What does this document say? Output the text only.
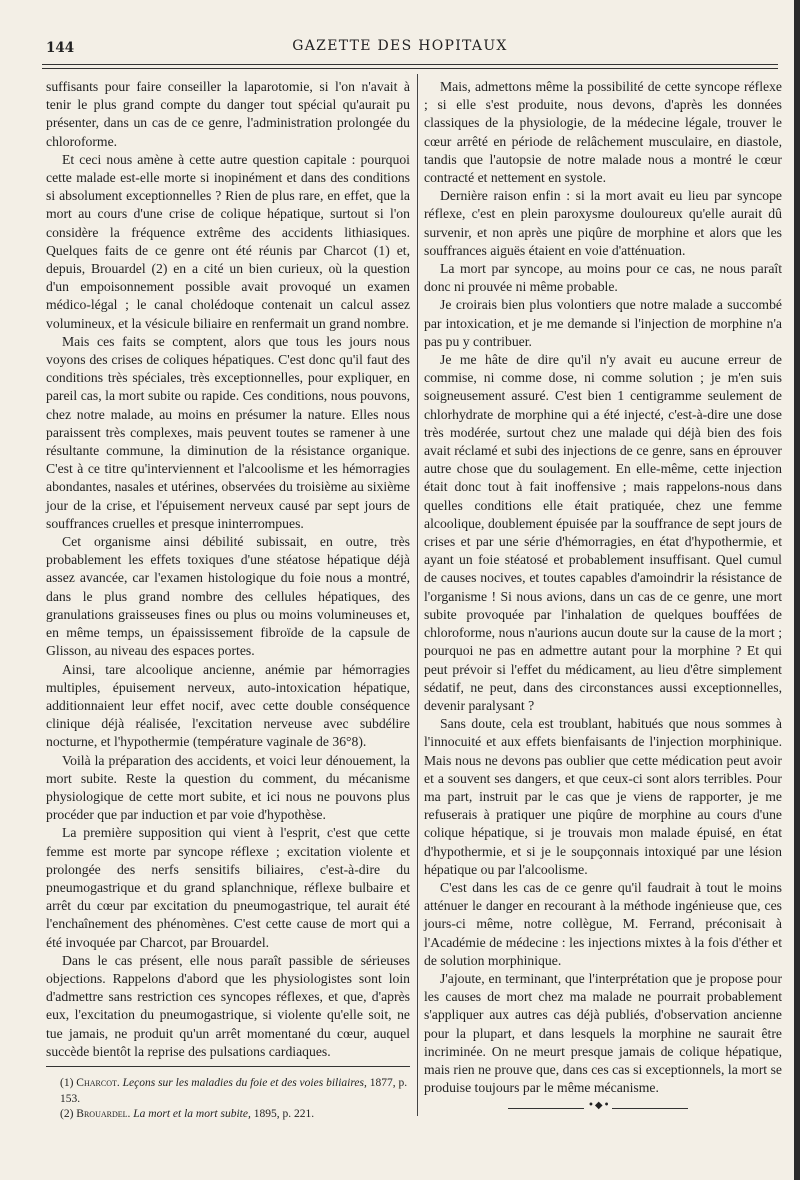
144	GAZETTE DES HOPITAUX

suffisants pour faire conseiller la laparotomie, si l'on n'avait à tenir le plus grand compte du danger tout spécial qu'aurait pu présenter, dans un cas de ce genre, l'administration prolongée du chloroforme.

Et ceci nous amène à cette autre question capitale : pourquoi cette malade est-elle morte si inopinément et dans des conditions si absolument exceptionnelles ? Rien de plus rare, en effet, que la mort au cours d'une crise de colique hépatique, surtout si l'on considère la fréquence extrême des accidents lithiasiques. Quelques faits de ce genre ont été réunis par Charcot (1) et, depuis, Brouardel (2) en a cité un bien curieux, où la question d'un empoisonnement possible avait provoqué un examen médico-légal ; le canal cholédoque contenait un calcul assez volumineux, et la vésicule biliaire en renfermait un grand nombre.

Mais ces faits se comptent, alors que tous les jours nous voyons des crises de coliques hépatiques. C'est donc qu'il faut des conditions très spéciales, très exceptionnelles, pour expliquer, en pareil cas, la mort subite ou rapide. Ces conditions, nous pouvons, chez notre malade, au moins en présumer la nature. Elles nous paraissent très complexes, mais peuvent toutes se ramener à une résultante commune, la diminution de la résistance organique. C'est à ce titre qu'interviennent et l'alcoolisme et les hémorragies abondantes, nasales et utérines, observées du troisième au sixième jour de la crise, et l'épuisement nerveux causé par sept jours de souffrances cruelles et presque ininterrompues.

Cet organisme ainsi débilité subissait, en outre, très probablement les effets toxiques d'une stéatose hépatique déjà assez avancée, car l'examen histologique du foie nous a montré, dans le plus grand nombre des cellules hépatiques, des granulations graisseuses fines ou plus ou moins volumineuses et, en même temps, un épaississement fibroïde de la capsule de Glisson, au niveau des espaces portes.

Ainsi, tare alcoolique ancienne, anémie par hémorragies multiples, épuisement nerveux, auto-intoxication hépatique, additionnaient leur effet nocif, avec cette double conséquence clinique déjà réalisée, l'excitation nerveuse avec subdélire nocturne, et l'hypothermie (température vaginale de 36°8).

Voilà la préparation des accidents, et voici leur dénouement, la mort subite. Reste la question du comment, du mécanisme physiologique de cette mort subite, et ici nous ne pouvons plus procéder que par induction et par voie d'hypothèse.

La première supposition qui vient à l'esprit, c'est que cette femme est morte par syncope réflexe ; excitation violente et prolongée des nerfs sensitifs biliaires, c'est-à-dire du pneumogastrique et du grand splanchnique, réflexe bulbaire et arrêt du cœur par excitation du pneumogastrique, tel aurait été l'enchaînement des phénomènes. C'est cette cause de mort qui a été invoquée par Charcot, par Brouardel.

Dans le cas présent, elle nous paraît passible de sérieuses objections. Rappelons d'abord que les physiologistes sont loin d'admettre sans restriction ces syncopes réflexes, et que, d'après eux, l'excitation du pneumogastrique, si violente qu'elle soit, ne tue jamais, ne produit qu'un arrêt momentané du cœur, auquel succède bientôt la reprise des pulsations cardiaques.

Mais, admettons même la possibilité de cette syncope réflexe ; si elle s'est produite, nous devons, d'après les données classiques de la physiologie, de la médecine légale, trouver le cœur arrêté en période de relâchement musculaire, en diastole, tandis que l'autopsie de notre malade nous a montré le cœur contracté et nettement en systole.

Dernière raison enfin : si la mort avait eu lieu par syncope réflexe, c'est en plein paroxysme douloureux qu'elle aurait dû survenir, et non après une piqûre de morphine et alors que les souffrances aiguës étaient en voie d'atténuation.

La mort par syncope, au moins pour ce cas, ne nous paraît donc ni prouvée ni même probable.

Je croirais bien plus volontiers que notre malade a succombé par intoxication, et je me demande si l'injection de morphine n'a pas pu y contribuer.

Je me hâte de dire qu'il n'y avait eu aucune erreur de commise, ni comme dose, ni comme solution ; je m'en suis soigneusement assuré. C'est bien 1 centigramme seulement de chlorhydrate de morphine qui a été injecté, c'est-à-dire une dose très modérée, surtout chez une malade qui déjà bien des fois avait réclamé et subi des injections de ce genre, sans en éprouver autre chose que du soulagement. En elle-même, cette injection était donc tout à fait inoffensive ; mais rappelons-nous dans quelles conditions elle était pratiquée, chez une femme alcoolique, doublement épuisée par la souffrance de sept jours de crises et par une série d'hémorragies, en état d'hypothermie, et ayant un foie stéatosé et probablement insuffisant. Quel cumul de causes nocives, et toutes capables d'amoindrir la résistance de l'organisme ! Si nous avions, dans un cas de ce genre, une mort subite provoquée par l'inhalation de quelques bouffées de chloroforme, nous n'aurions aucun doute sur la cause de la mort ; pourquoi ne pas en admettre autant pour la morphine ? Et qui peut prévoir si l'effet du médicament, au lieu d'être simplement sédatif, ne peut, dans des circonstances aussi exceptionnelles, devenir paralysant ?

Sans doute, cela est troublant, habitués que nous sommes à l'innocuité et aux effets bienfaisants de l'injection morphinique. Mais nous ne devons pas oublier que cette médication peut avoir et a souvent ses dangers, et que ceux-ci sont alors terribles. Pour ma part, instruit par le cas que je viens de rapporter, je me refuserais à pratiquer une piqûre de morphine au cours d'une colique hépatique, si je trouvais mon malade épuisé, en état d'hypothermie, et si je le soupçonnais intoxiqué par une lésion hépatique ou par l'alcoolisme.

C'est dans les cas de ce genre qu'il faudrait à tout le moins atténuer le danger en recourant à la méthode ingénieuse que, ces jours-ci même, notre collègue, M. Ferrand, préconisait à l'Académie de médecine : les injections mixtes à la fois d'éther et de solution morphinique.

J'ajoute, en terminant, que l'interprétation que je propose pour les causes de mort chez ma malade ne pourrait probablement s'appliquer aux autres cas déjà publiés, d'observation ancienne pour la plupart, et dans lesquels la morphine ne saurait être incriminée. On ne meurt presque jamais de colique hépatique, mais rien ne prouve que, dans ces cas si exceptionnels, la mort se produise toujours par le même mécanisme.

(1) Charcot. Leçons sur les maladies du foie et des voies biliaires, 1877, p. 153.

(2) Brouardel. La mort et la mort subite, 1895, p. 221.

•◆•
